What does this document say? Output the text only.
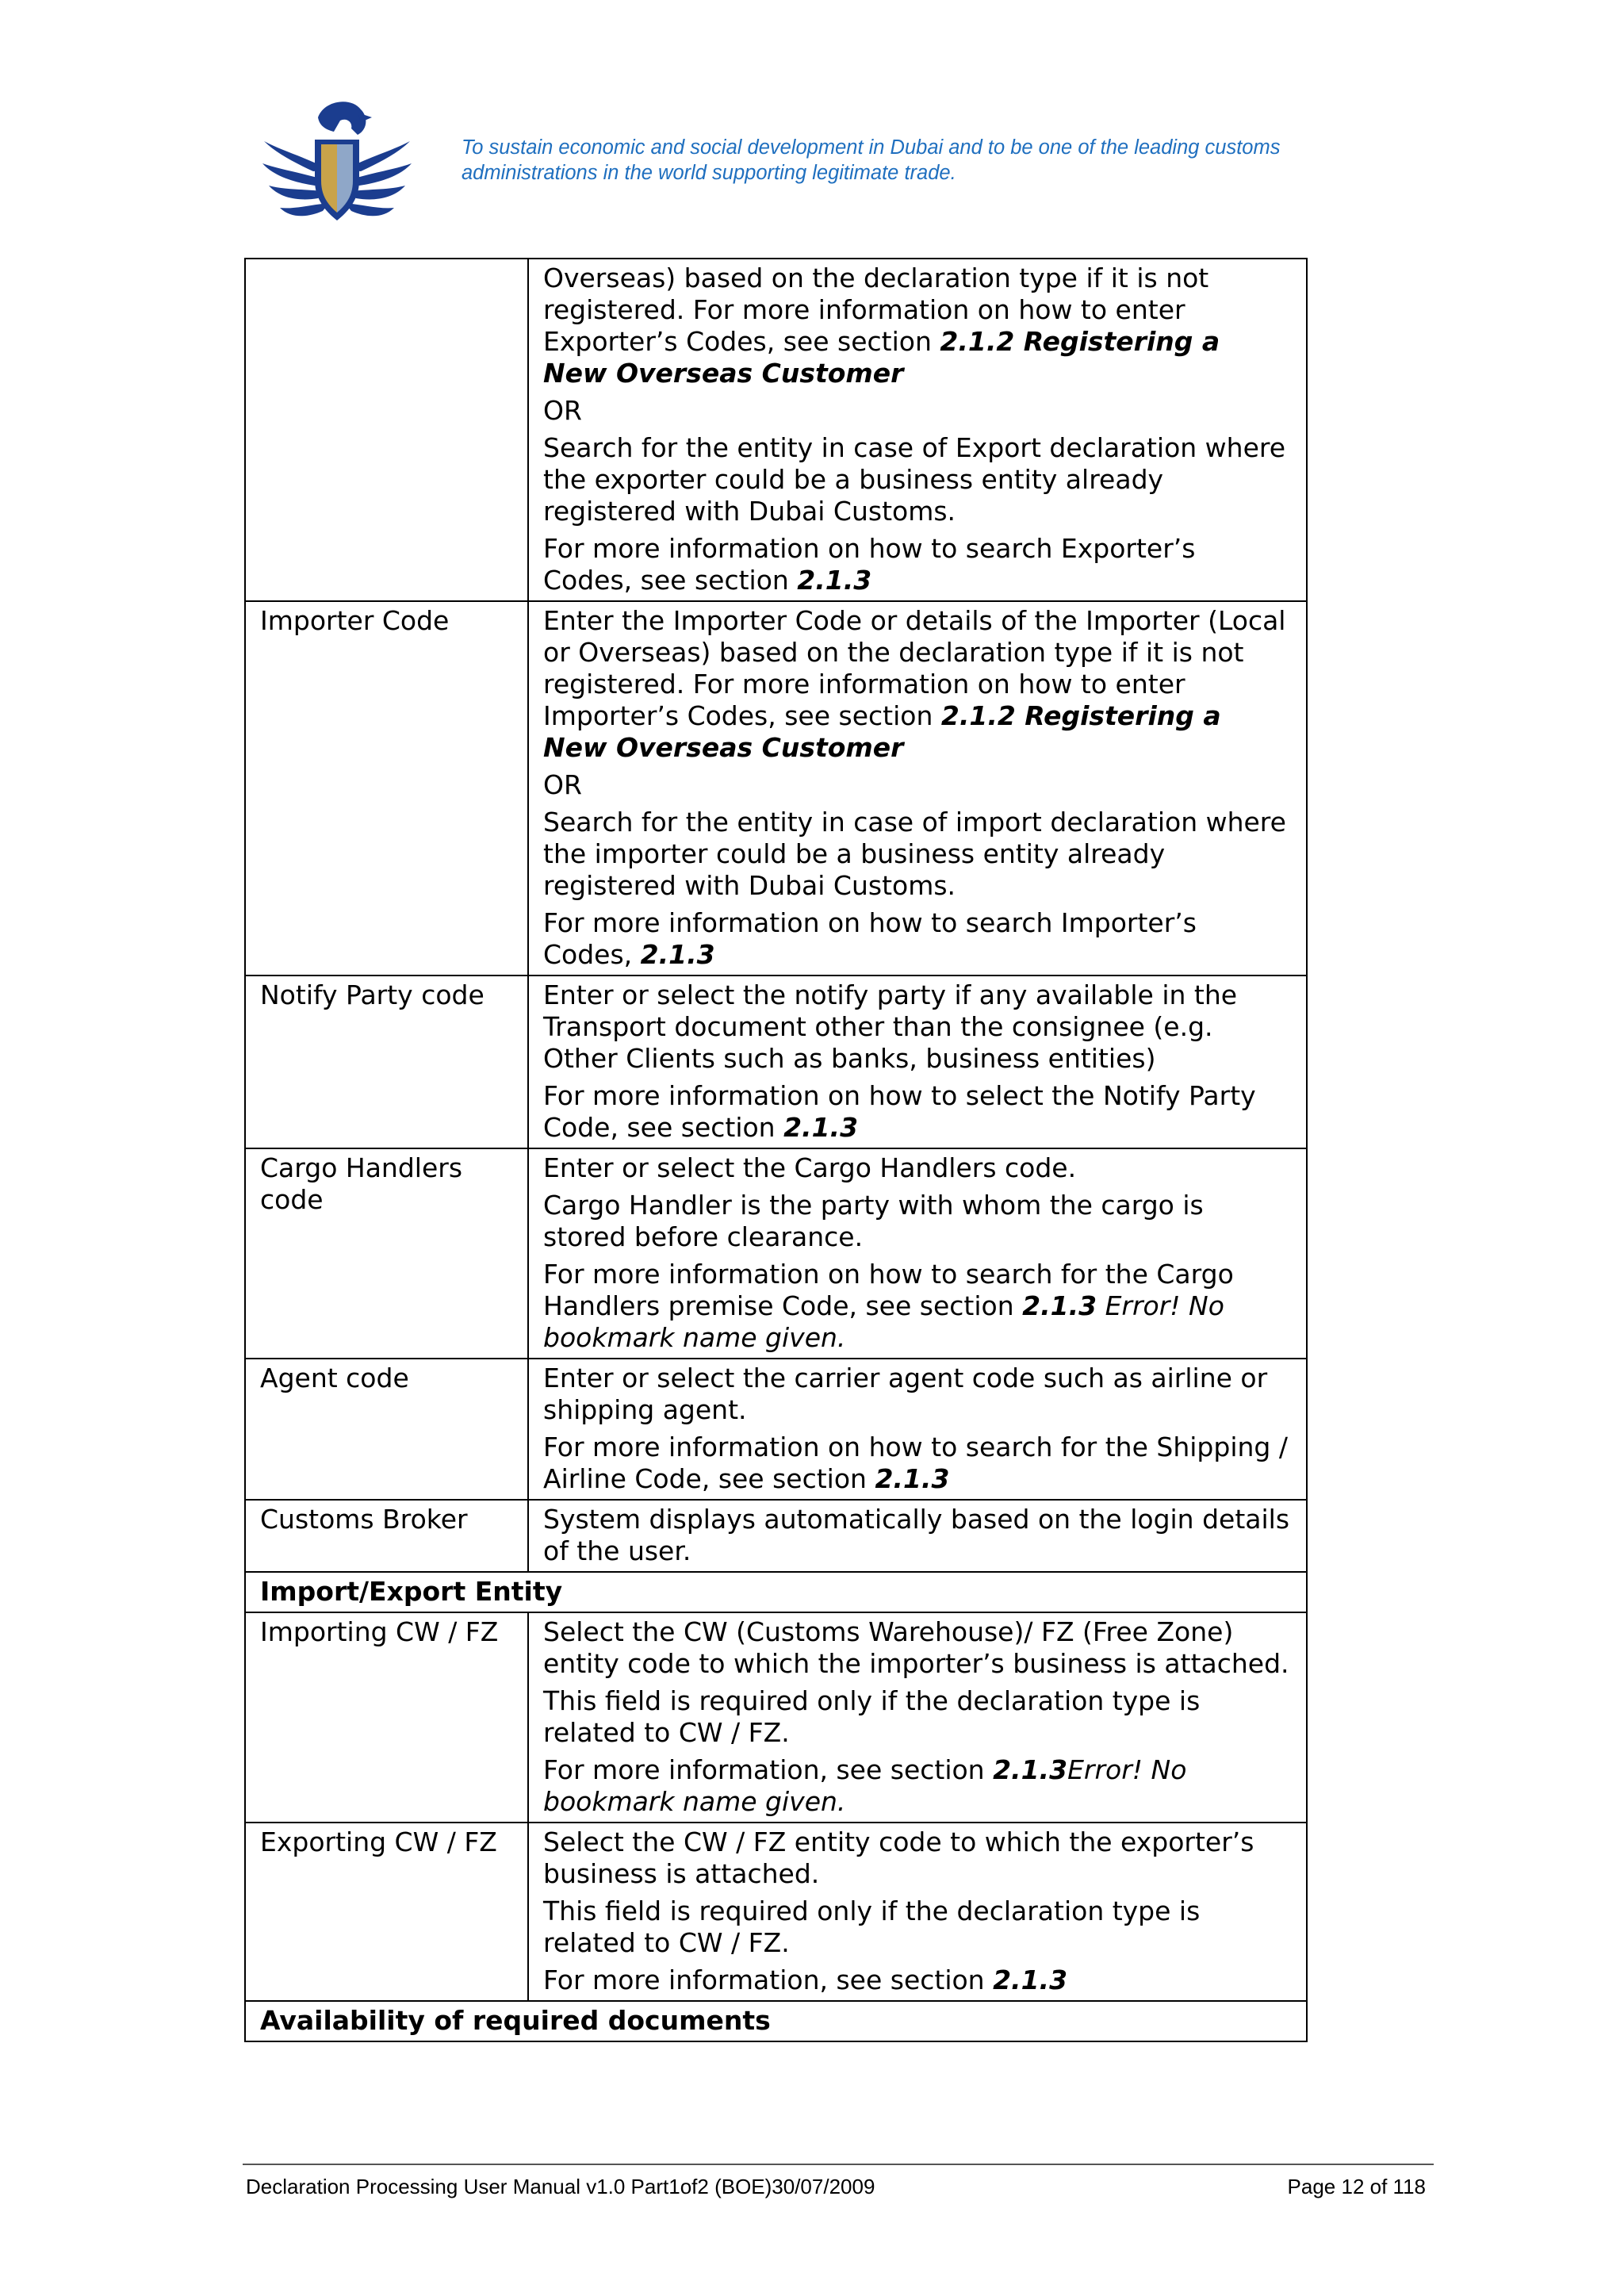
To sustain economic and social development in Dubai and to be one of the leading customs
administrations in the world supporting legitimate trade.

	Overseas) based on the declaration type if it is not registered. For more information on how to enter Exporter’s Codes, see section 2.1.2 Registering a New Overseas Customer

OR

Search for the entity in case of Export declaration where the exporter could be a business entity already registered with Dubai Customs.

For more information on how to search Exporter’s Codes, see section 2.1.3

Importer Code	Enter the Importer Code or details of the Importer (Local or Overseas) based on the declaration type if it is not registered. For more information on how to enter Importer’s Codes, see section 2.1.2 Registering a New Overseas Customer

OR

Search for the entity in case of import declaration where the importer could be a business entity already registered with Dubai Customs.

For more information on how to search Importer’s Codes, 2.1.3

Notify Party code	Enter or select the notify party if any available in the Transport document other than the consignee (e.g. Other Clients such as banks, business entities)

For more information on how to select the Notify Party Code, see section 2.1.3

Cargo Handlers code	Enter or select the Cargo Handlers code.

Cargo Handler is the party with whom the cargo is stored before clearance.

For more information on how to search for the Cargo Handlers premise Code, see section 2.1.3 Error! No bookmark name given.

Agent code	Enter or select the carrier agent code such as airline or shipping agent.

For more information on how to search for the Shipping / Airline Code, see section 2.1.3

Customs Broker	System displays automatically based on the login details of the user.

Import/Export Entity	
Importing CW / FZ	Select the CW (Customs Warehouse)/ FZ (Free Zone) entity code to which the importer’s business is attached.

This field is required only if the declaration type is related to CW / FZ.

For more information, see section 2.1.3Error! No bookmark name given.

Exporting CW / FZ	Select the CW / FZ entity code to which the exporter’s business is attached.

This field is required only if the declaration type is related to CW / FZ.

For more information, see section 2.1.3

Availability of required documents	
Declaration Processing User Manual v1.0 Part1of2 (BOE)30/07/2009	Page 12 of 118
